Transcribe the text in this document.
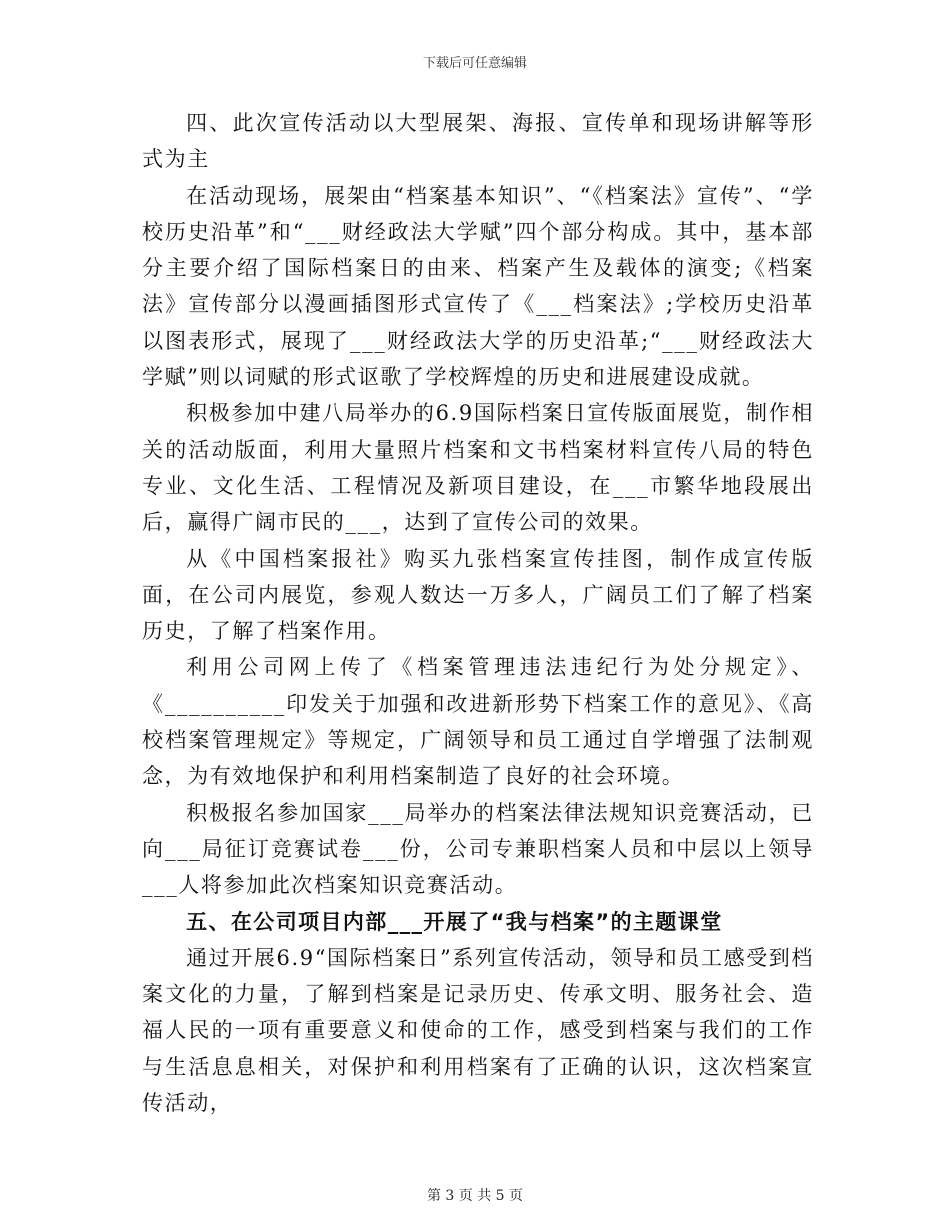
下载后可任意编辑

四、此次宣传活动以大型展架、海报、宣传单和现场讲解等形式为主

在活动现场，展架由“档案基本知识”、“《档案法》宣传”、“学校历史沿革”和“___财经政法大学赋”四个部分构成。其中，基本部分主要介绍了国际档案日的由来、档案产生及载体的演变;《档案法》宣传部分以漫画插图形式宣传了《___档案法》;学校历史沿革以图表形式，展现了___财经政法大学的历史沿革;“___财经政法大学赋”则以词赋的形式讴歌了学校辉煌的历史和进展建设成就。

积极参加中建八局举办的6.9国际档案日宣传版面展览，制作相关的活动版面，利用大量照片档案和文书档案材料宣传八局的特色专业、文化生活、工程情况及新项目建设，在___市繁华地段展出后，赢得广阔市民的___，达到了宣传公司的效果。

从《中国档案报社》购买九张档案宣传挂图，制作成宣传版面，在公司内展览，参观人数达一万多人，广阔员工们了解了档案历史，了解了档案作用。

利用公司网上传了《档案管理违法违纪行为处分规定》、《__________印发关于加强和改进新形势下档案工作的意见》、《高校档案管理规定》等规定，广阔领导和员工通过自学增强了法制观念，为有效地保护和利用档案制造了良好的社会环境。

积极报名参加国家___局举办的档案法律法规知识竞赛活动，已向___局征订竞赛试卷___份，公司专兼职档案人员和中层以上领导___人将参加此次档案知识竞赛活动。

五、在公司项目内部___开展了“我与档案”的主题课堂

通过开展6.9“国际档案日”系列宣传活动，领导和员工感受到档案文化的力量，了解到档案是记录历史、传承文明、服务社会、造福人民的一项有重要意义和使命的工作，感受到档案与我们的工作与生活息息相关，对保护和利用档案有了正确的认识，这次档案宣传活动，

第 3 页 共 5 页
